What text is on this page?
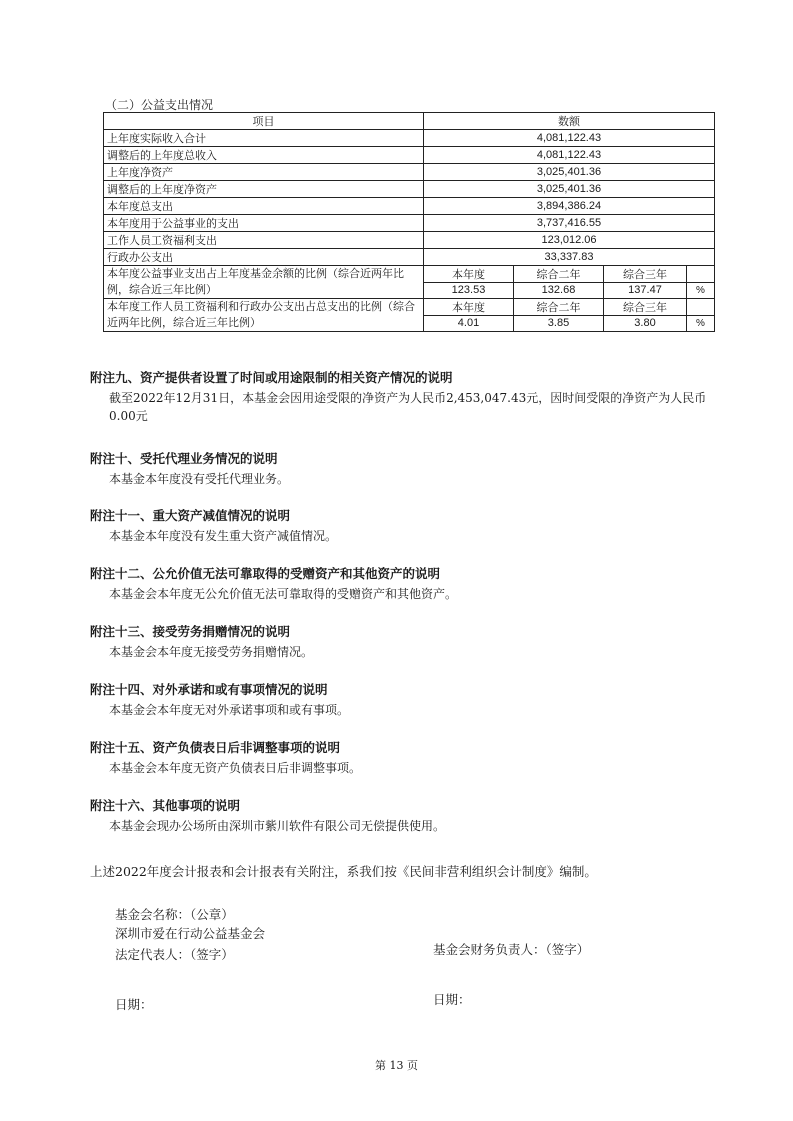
（二）公益支出情况
项目	数额			
上年度实际收入合计	4,081,122.43			
调整后的上年度总收入	4,081,122.43			
上年度净资产	3,025,401.36			
调整后的上年度净资产	3,025,401.36			
本年度总支出	3,894,386.24			
本年度用于公益事业的支出	3,737,416.55			
工作人员工资福利支出	123,012.06			
行政办公支出	33,337.83			
本年度公益事业支出占上年度基金余额的比例（综合近两年比例，综合近三年比例）	本年度	综合二年	综合三年	
	123.53	132.68	137.47	%
本年度工作人员工资福利和行政办公支出占总支出的比例（综合近两年比例，综合近三年比例）	本年度	综合二年	综合三年	
	4.01	3.85	3.80	%
附注九、资产提供者设置了时间或用途限制的相关资产情况的说明
截至2022年12月31日，本基金会因用途受限的净资产为人民币2,453,047.43元，因时间受限的净资产为人民币0.00元
附注十、受托代理业务情况的说明
本基金本年度没有受托代理业务。
附注十一、重大资产减值情况的说明
本基金本年度没有发生重大资产减值情况。
附注十二、公允价值无法可靠取得的受赠资产和其他资产的说明
本基金会本年度无公允价值无法可靠取得的受赠资产和其他资产。
附注十三、接受劳务捐赠情况的说明
本基金会本年度无接受劳务捐赠情况。
附注十四、对外承诺和或有事项情况的说明
本基金会本年度无对外承诺事项和或有事项。
附注十五、资产负债表日后非调整事项的说明
本基金会本年度无资产负债表日后非调整事项。
附注十六、其他事项的说明
本基金会现办公场所由深圳市紫川软件有限公司无偿提供使用。
上述2022年度会计报表和会计报表有关附注，系我们按《民间非营利组织会计制度》编制。
基金会名称：（公章）
深圳市爱在行动公益基金会
法定代表人：（签字）	基金会财务负责人：（签字）
日期：	日期：
第 13 页
